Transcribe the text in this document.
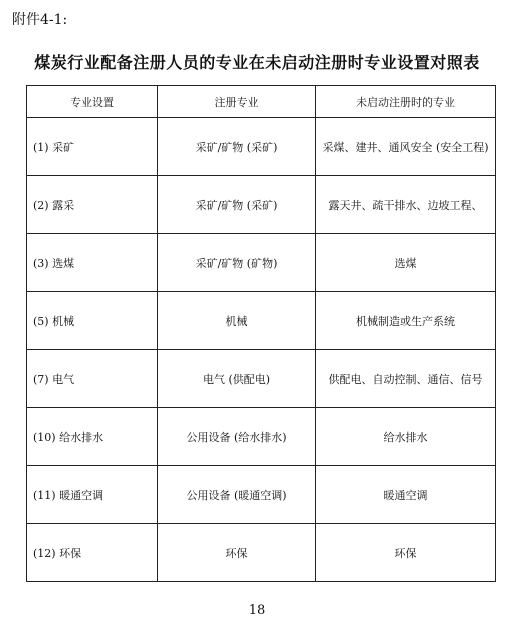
附件4-1:
煤炭行业配备注册人员的专业在未启动注册时专业设置对照表
专业设置	注册专业	未启动注册时的专业
(1) 采矿	采矿/矿物 (采矿)	采煤、建井、通风安全 (安全工程)
(2) 露采	采矿/矿物 (采矿)	露天井、疏干排水、边坡工程、
(3) 选煤	采矿/矿物 (矿物)	选煤
(5) 机械	机械	机械制造或生产系统
(7) 电气	电气 (供配电)	供配电、自动控制、通信、信号
(10) 给水排水	公用设备 (给水排水)	给水排水
(11) 暖通空调	公用设备 (暖通空调)	暖通空调
(12) 环保	环保	环保
18
